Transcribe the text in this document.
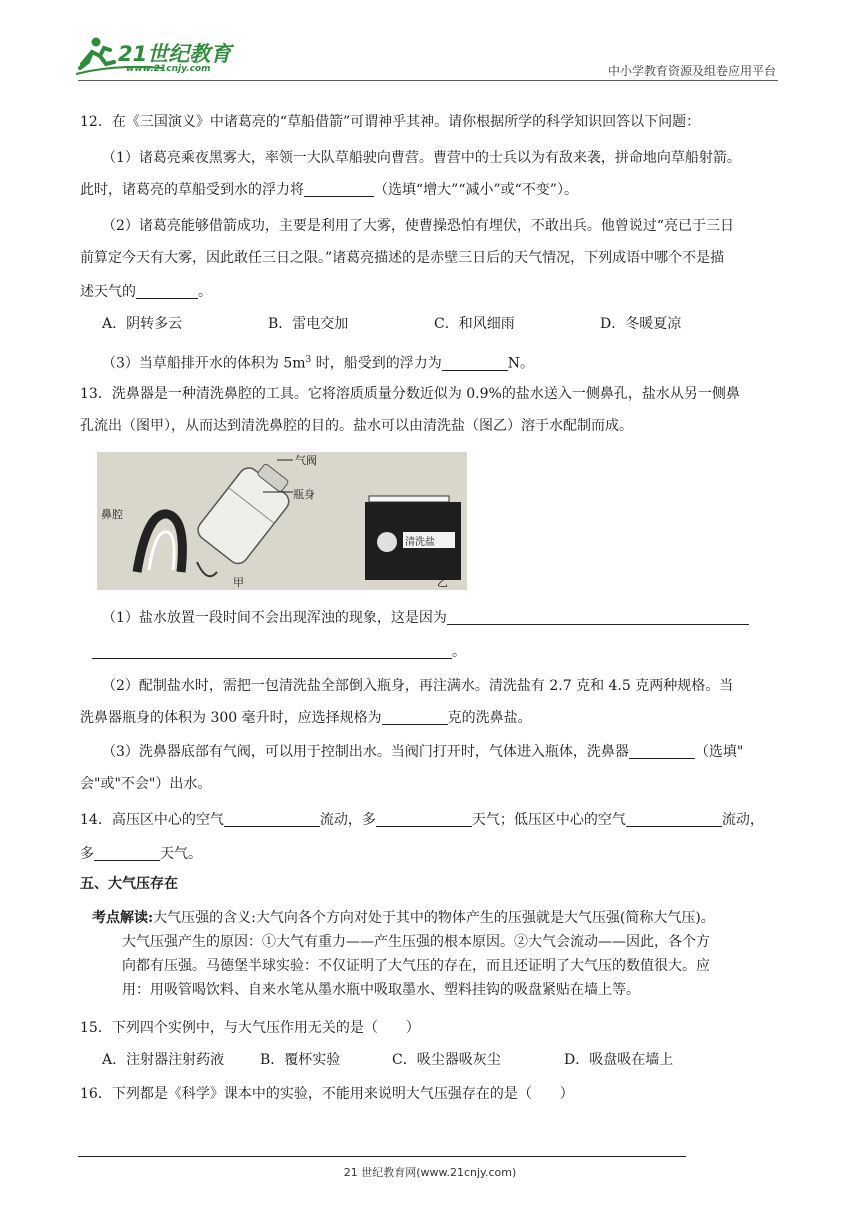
21世纪教育
www.21cnjy.com	中小学教育资源及组卷应用平台
12．在《三国演义》中诸葛亮的“草船借箭”可谓神乎其神。请你根据所学的科学知识回答以下问题：
（1）诸葛亮乘夜黑雾大，率领一大队草船驶向曹营。曹营中的士兵以为有敌来袭，拼命地向草船射箭。
此时，诸葛亮的草船受到水的浮力将	（选填“增大”“减小”或“不变”）。
（2）诸葛亮能够借箭成功，主要是利用了大雾，使曹操恐怕有埋伏，不敢出兵。他曾说过“亮已于三日
前算定今天有大雾，因此敢任三日之限。”诸葛亮描述的是赤壁三日后的天气情况，下列成语中哪个不是描
述天气的	。
A．阴转多云	B．雷电交加	C．和风细雨	D．冬暖夏凉
（3）当草船排开水的体积为 $5m^3$ 时，船受到的浮力为	N。
13．洗鼻器是一种清洗鼻腔的工具。它将溶质质量分数近似为 0.9%的盐水送入一侧鼻孔，盐水从另一侧鼻
孔流出（图甲），从而达到清洗鼻腔的目的。盐水可以由清洗盐（图乙）溶于水配制而成。
气阀
瓶身
鼻腔
甲	乙
清洗盐
（1）盐水放置一段时间不会出现浑浊的现象，这是因为
。
（2）配制盐水时，需把一包清洗盐全部倒入瓶身，再注满水。清洗盐有 2.7 克和 4.5 克两种规格。当
洗鼻器瓶身的体积为 300 毫升时，应选择规格为	克的洗鼻盐。
（3）洗鼻器底部有气阀，可以用于控制出水。当阀门打开时，气体进入瓶体，洗鼻器	（选填"
会"或"不会"）出水。
14．高压区中心的空气	流动，多	天气；低压区中心的空气	流动，
多	天气。
五、大气压存在
考点解读:大气压强的含义:大气向各个方向对处于其中的物体产生的压强就是大气压强(简称大气压)。
大气压强产生的原因：①大气有重力——产生压强的根本原因。②大气会流动——因此，各个方
向都有压强。马德堡半球实验：不仅证明了大气压的存在，而且还证明了大气压的数值很大。应
用：用吸管喝饮料、自来水笔从墨水瓶中吸取墨水、塑料挂钩的吸盘紧贴在墙上等。
15．下列四个实例中，与大气压作用无关的是（　　）
A．注射器注射药液	B．覆杯实验	C．吸尘器吸灰尘	D．吸盘吸在墙上
16．下列都是《科学》课本中的实验，不能用来说明大气压强存在的是（　　）
21 世纪教育网(www.21cnjy.com)
